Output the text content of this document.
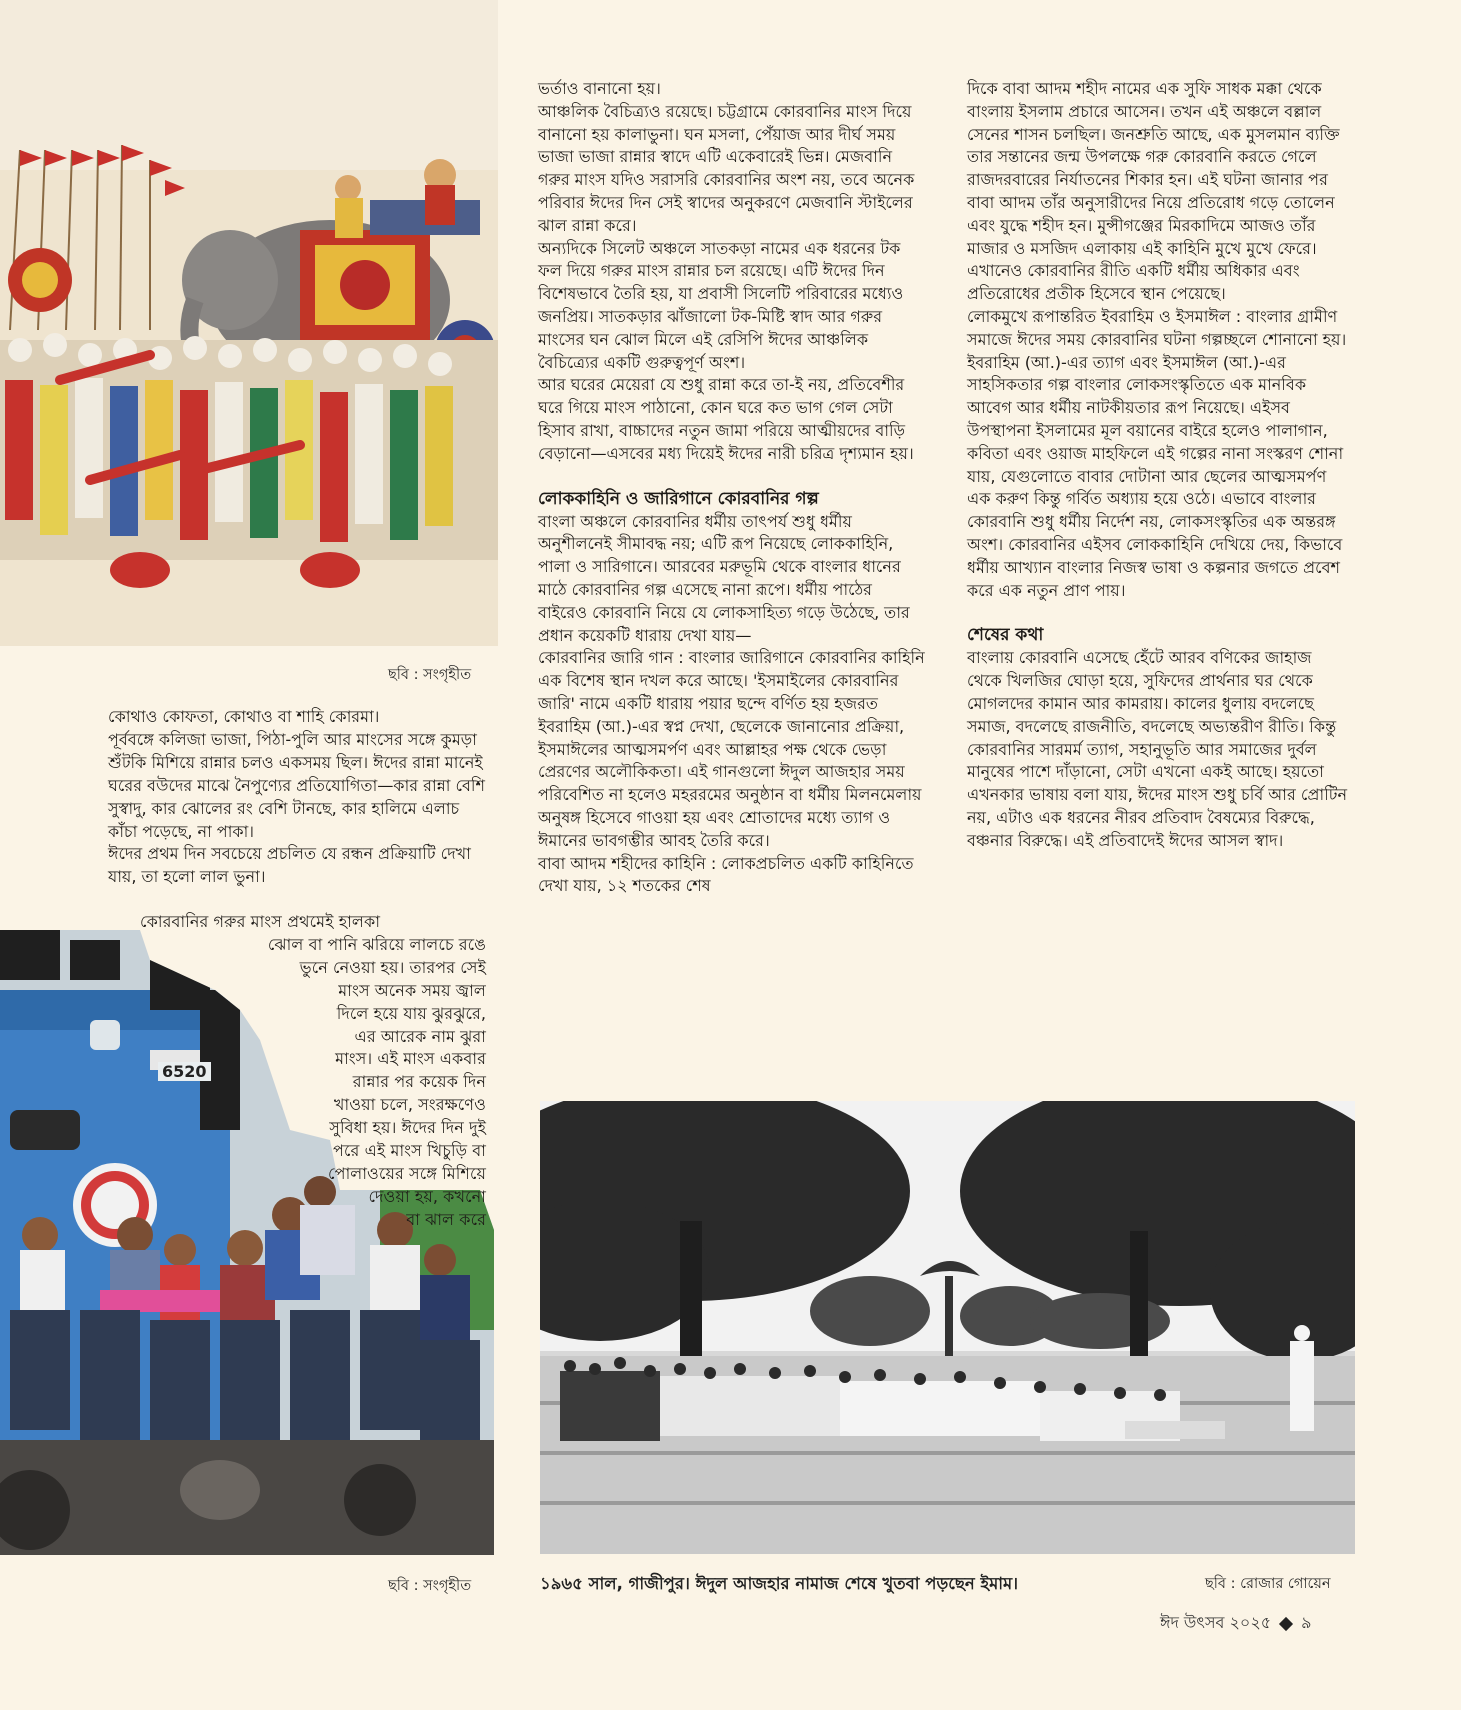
ছবি : সংগৃহীত
6520
ছবি : সংগৃহীত

কোথাও কোফতা, কোথাও বা শাহি কোরমা।

পূর্ববঙ্গে কলিজা ভাজা, পিঠা-পুলি আর মাংসের সঙ্গে কুমড়া শুঁটকি মিশিয়ে রান্নার চলও একসময় ছিল। ঈদের রান্না মানেই ঘরের বউদের মাঝে নৈপুণ্যের প্রতিযোগিতা—কার রান্না বেশি সুস্বাদু, কার ঝোলের রং বেশি টানছে, কার হালিমে এলাচ কাঁচা পড়েছে, না পাকা।

ঈদের প্রথম দিন সবচেয়ে প্রচলিত যে রন্ধন প্রক্রিয়াটি দেখা যায়, তা হলো লাল ভুনা।

কোরবানির গরুর মাংস প্রথমেই হালকা

ঝোল বা পানি ঝরিয়ে লালচে রঙে

ভুনে নেওয়া হয়। তারপর সেই

মাংস অনেক সময় জ্বাল

দিলে হয়ে যায় ঝুরঝুরে,

এর আরেক নাম ঝুরা

মাংস। এই মাংস একবার

রান্নার পর কয়েক দিন

খাওয়া চলে, সংরক্ষণেও

সুবিধা হয়। ঈদের দিন দুই

পরে এই মাংস খিচুড়ি বা

পোলাওয়ের সঙ্গে মিশিয়ে

দেওয়া হয়, কখনো

বা ঝাল করে

ভর্তাও বানানো হয়।

আঞ্চলিক বৈচিত্র্যও রয়েছে। চট্টগ্রামে কোরবানির মাংস দিয়ে বানানো হয় কালাভুনা। ঘন মসলা, পেঁয়াজ আর দীর্ঘ সময় ভাজা ভাজা রান্নার স্বাদে এটি একেবারেই ভিন্ন। মেজবানি গরুর মাংস যদিও সরাসরি কোরবানির অংশ নয়, তবে অনেক পরিবার ঈদের দিন সেই স্বাদের অনুকরণে মেজবানি স্টাইলের ঝাল রান্না করে।

অন্যদিকে সিলেট অঞ্চলে সাতকড়া নামের এক ধরনের টক ফল দিয়ে গরুর মাংস রান্নার চল রয়েছে। এটি ঈদের দিন বিশেষভাবে তৈরি হয়, যা প্রবাসী সিলেটি পরিবারের মধ্যেও জনপ্রিয়। সাতকড়ার ঝাঁজালো টক-মিষ্টি স্বাদ আর গরুর মাংসের ঘন ঝোল মিলে এই রেসিপি ঈদের আঞ্চলিক বৈচিত্র্যের একটি গুরুত্বপূর্ণ অংশ।

আর ঘরের মেয়েরা যে শুধু রান্না করে তা-ই নয়, প্রতিবেশীর ঘরে গিয়ে মাংস পাঠানো, কোন ঘরে কত ভাগ গেল সেটা হিসাব রাখা, বাচ্চাদের নতুন জামা পরিয়ে আত্মীয়দের বাড়ি বেড়ানো—এসবের মধ্য দিয়েই ঈদের নারী চরিত্র দৃশ্যমান হয়।

লোককাহিনি ও জারিগানে কোরবানির গল্প

বাংলা অঞ্চলে কোরবানির ধর্মীয় তাৎপর্য শুধু ধর্মীয় অনুশীলনেই সীমাবদ্ধ নয়; এটি রূপ নিয়েছে লোককাহিনি, পালা ও সারিগানে। আরবের মরুভূমি থেকে বাংলার ধানের মাঠে কোরবানির গল্প এসেছে নানা রূপে। ধর্মীয় পাঠের বাইরেও কোরবানি নিয়ে যে লোকসাহিত্য গড়ে উঠেছে, তার প্রধান কয়েকটি ধারায় দেখা যায়—

কোরবানির জারি গান : বাংলার জারিগানে কোরবানির কাহিনি এক বিশেষ স্থান দখল করে আছে। 'ইসমাইলের কোরবানির জারি' নামে একটি ধারায় পয়ার ছন্দে বর্ণিত হয় হজরত ইবরাহিম (আ.)-এর স্বপ্ন দেখা, ছেলেকে জানানোর প্রক্রিয়া, ইসমাঈলের আত্মসমর্পণ এবং আল্লাহর পক্ষ থেকে ভেড়া প্রেরণের অলৌকিকতা। এই গানগুলো ঈদুল আজহার সময় পরিবেশিত না হলেও মহররমের অনুষ্ঠান বা ধর্মীয় মিলনমেলায় অনুষঙ্গ হিসেবে গাওয়া হয় এবং শ্রোতাদের মধ্যে ত্যাগ ও ঈমানের ভাবগম্ভীর আবহ তৈরি করে।

বাবা আদম শহীদের কাহিনি : লোকপ্রচলিত একটি কাহিনিতে দেখা যায়, ১২ শতকের শেষ

দিকে বাবা আদম শহীদ নামের এক সুফি সাধক মক্কা থেকে বাংলায় ইসলাম প্রচারে আসেন। তখন এই অঞ্চলে বল্লাল সেনের শাসন চলছিল। জনশ্রুতি আছে, এক মুসলমান ব্যক্তি তার সন্তানের জন্ম উপলক্ষে গরু কোরবানি করতে গেলে রাজদরবারের নির্যাতনের শিকার হন। এই ঘটনা জানার পর বাবা আদম তাঁর অনুসারীদের নিয়ে প্রতিরোধ গড়ে তোলেন এবং যুদ্ধে শহীদ হন। মুন্সীগঞ্জের মিরকাদিমে আজও তাঁর মাজার ও মসজিদ এলাকায় এই কাহিনি মুখে মুখে ফেরে। এখানেও কোরবানির রীতি একটি ধর্মীয় অধিকার এবং প্রতিরোধের প্রতীক হিসেবে স্থান পেয়েছে।

লোকমুখে রূপান্তরিত ইবরাহিম ও ইসমাঈল : বাংলার গ্রামীণ সমাজে ঈদের সময় কোরবানির ঘটনা গল্পচ্ছলে শোনানো হয়। ইবরাহিম (আ.)-এর ত্যাগ এবং ইসমাঈল (আ.)-এর সাহসিকতার গল্প বাংলার লোকসংস্কৃতিতে এক মানবিক আবেগ আর ধর্মীয় নাটকীয়তার রূপ নিয়েছে। এইসব উপস্থাপনা ইসলামের মূল বয়ানের বাইরে হলেও পালাগান, কবিতা এবং ওয়াজ মাহফিলে এই গল্পের নানা সংস্করণ শোনা যায়, যেগুলোতে বাবার দোটানা আর ছেলের আত্মসমর্পণ এক করুণ কিন্তু গর্বিত অধ্যায় হয়ে ওঠে। এভাবে বাংলার কোরবানি শুধু ধর্মীয় নির্দেশ নয়, লোকসংস্কৃতির এক অন্তরঙ্গ অংশ। কোরবানির এইসব লোককাহিনি দেখিয়ে দেয়, কিভাবে ধর্মীয় আখ্যান বাংলার নিজস্ব ভাষা ও কল্পনার জগতে প্রবেশ করে এক নতুন প্রাণ পায়।

শেষের কথা

বাংলায় কোরবানি এসেছে হেঁটে আরব বণিকের জাহাজ থেকে খিলজির ঘোড়া হয়ে, সুফিদের প্রার্থনার ঘর থেকে মোগলদের কামান আর কামরায়। কালের ধুলায় বদলেছে সমাজ, বদলেছে রাজনীতি, বদলেছে অভ্যন্তরীণ রীতি। কিন্তু কোরবানির সারমর্ম ত্যাগ, সহানুভূতি আর সমাজের দুর্বল মানুষের পাশে দাঁড়ানো, সেটা এখনো একই আছে। হয়তো এখনকার ভাষায় বলা যায়, ঈদের মাংস শুধু চর্বি আর প্রোটিন নয়, এটাও এক ধরনের নীরব প্রতিবাদ বৈষম্যের বিরুদ্ধে, বঞ্চনার বিরুদ্ধে। এই প্রতিবাদেই ঈদের আসল স্বাদ।

১৯৬৫ সাল, গাজীপুর। ঈদুল আজহার নামাজ শেষে খুতবা পড়ছেন ইমাম।	ছবি : রোজার গোয়েন
ঈদ উৎসব ২০২৫ ৯
